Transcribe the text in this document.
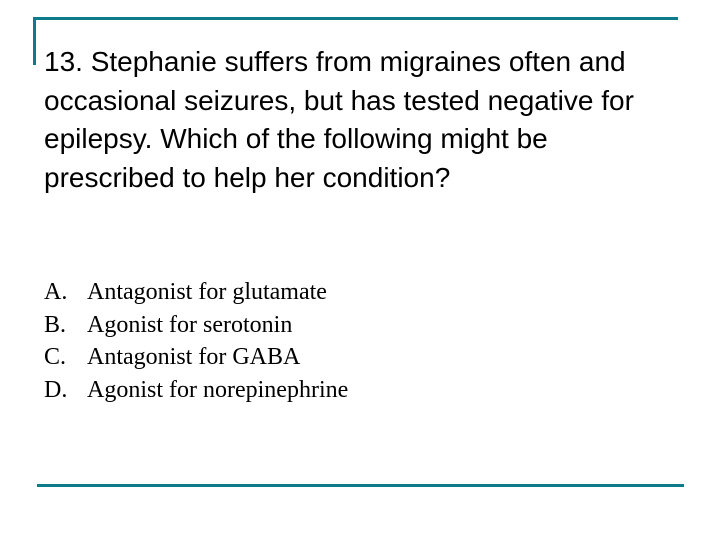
13. Stephanie suffers from migraines often and occasional seizures, but has tested negative for epilepsy. Which of the following might be prescribed to help her condition?

A. Antagonist for glutamate
B. Agonist for serotonin
C. Antagonist for GABA
D. Agonist for norepinephrine
